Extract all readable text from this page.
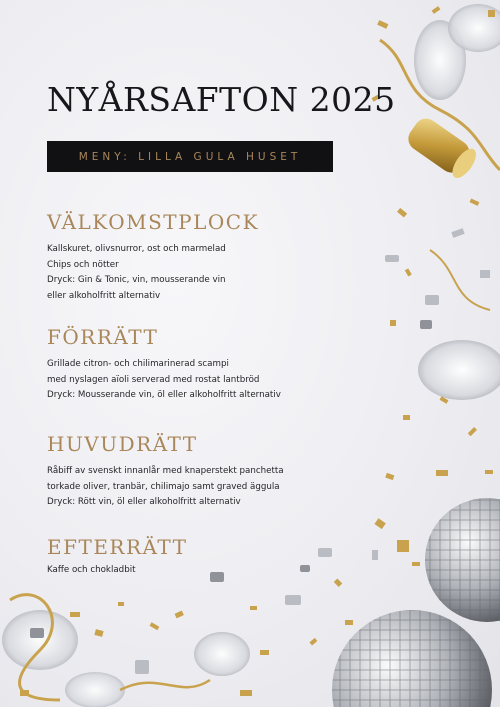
NYÅRSAFTON 2025
MENY: LILLA GULA HUSET
VÄLKOMSTPLOCK
Kallskuret, olivsnurror, ost och marmelad
Chips och nötter
Dryck: Gin & Tonic, vin, mousserande vin
eller alkoholfritt alternativ
FÖRRÄTT
Grillade citron- och chilimarinerad scampi
med nyslagen aïoli serverad med rostat lantbröd
Dryck: Mousserande vin, öl eller alkoholfritt alternativ
HUVUDRÄTT
Råbiff av svenskt innanlår med knaperstekt panchetta
torkade oliver, tranbär, chilimajo samt graved äggula
Dryck: Rött vin, öl eller alkoholfritt alternativ
EFTERRÄTT
Kaffe och chokladbit
